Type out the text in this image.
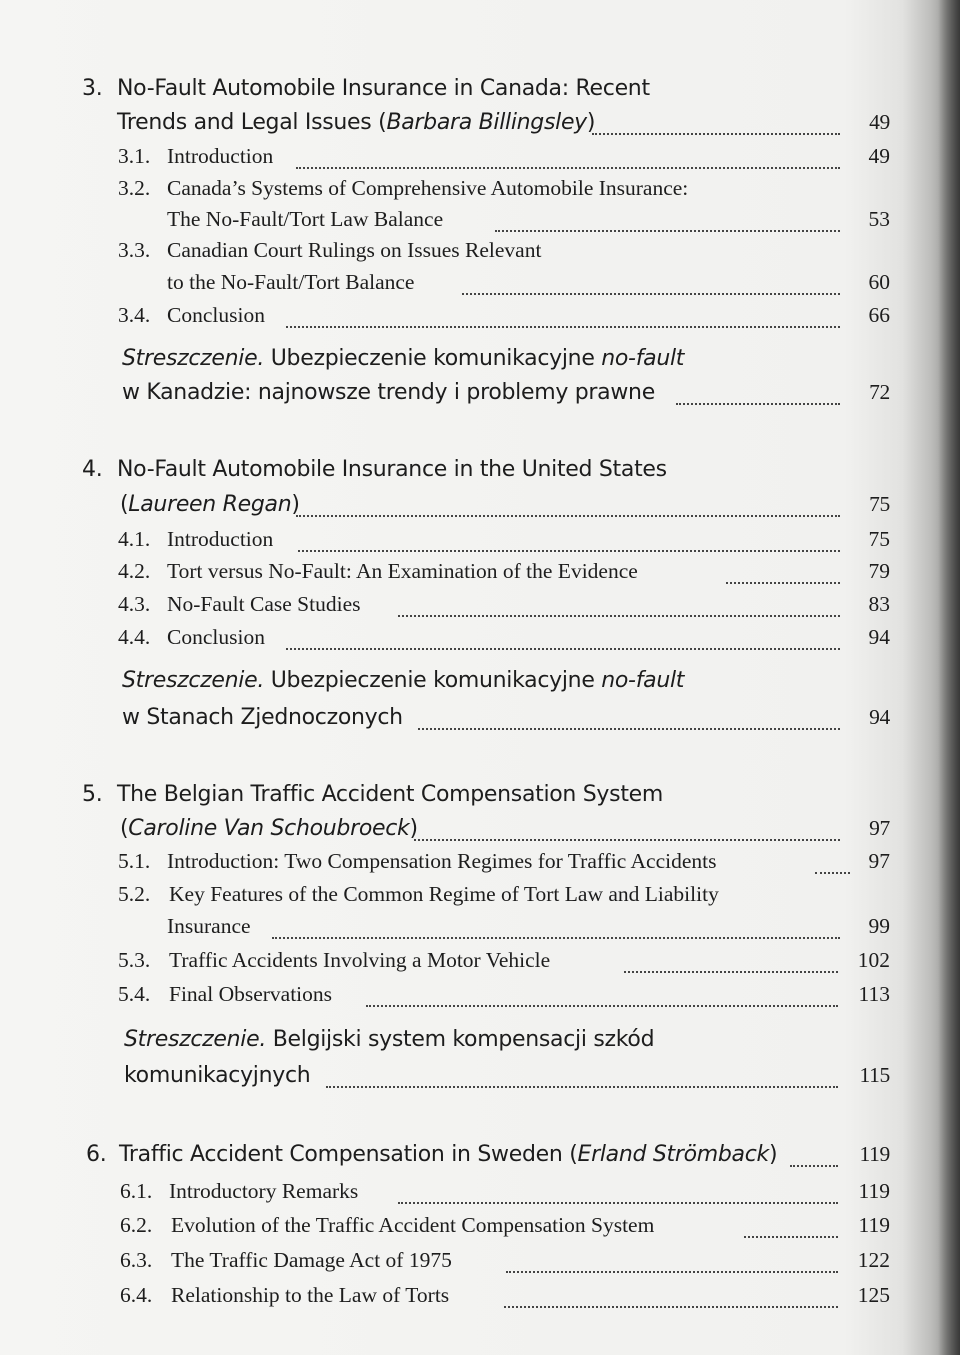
3. No-Fault Automobile Insurance in Canada: Recent
Trends and Legal Issues (Barbara Billingsley)	49
3.1. Introduction	49
3.2. Canada’s Systems of Comprehensive Automobile Insurance:
The No-Fault/Tort Law Balance	53
3.3. Canadian Court Rulings on Issues Relevant
to the No-Fault/Tort Balance	60
3.4. Conclusion	66
Streszczenie. Ubezpieczenie komunikacyjne no-fault
w Kanadzie: najnowsze trendy i problemy prawne	72
4. No-Fault Automobile Insurance in the United States
(Laureen Regan)	75
4.1. Introduction	75
4.2. Tort versus No-Fault: An Examination of the Evidence	79
4.3. No-Fault Case Studies	83
4.4. Conclusion	94
Streszczenie. Ubezpieczenie komunikacyjne no-fault
w Stanach Zjednoczonych	94
5. The Belgian Traffic Accident Compensation System
(Caroline Van Schoubroeck)	97
5.1. Introduction: Two Compensation Regimes for Traffic Accidents	97
5.2. Key Features of the Common Regime of Tort Law and Liability
Insurance	99
5.3. Traffic Accidents Involving a Motor Vehicle	102
5.4. Final Observations	113
Streszczenie. Belgijski system kompensacji szkód
komunikacyjnych	115
6. Traffic Accident Compensation in Sweden (Erland Strömback)	119
6.1. Introductory Remarks	119
6.2. Evolution of the Traffic Accident Compensation System	119
6.3. The Traffic Damage Act of 1975	122
6.4. Relationship to the Law of Torts	125
